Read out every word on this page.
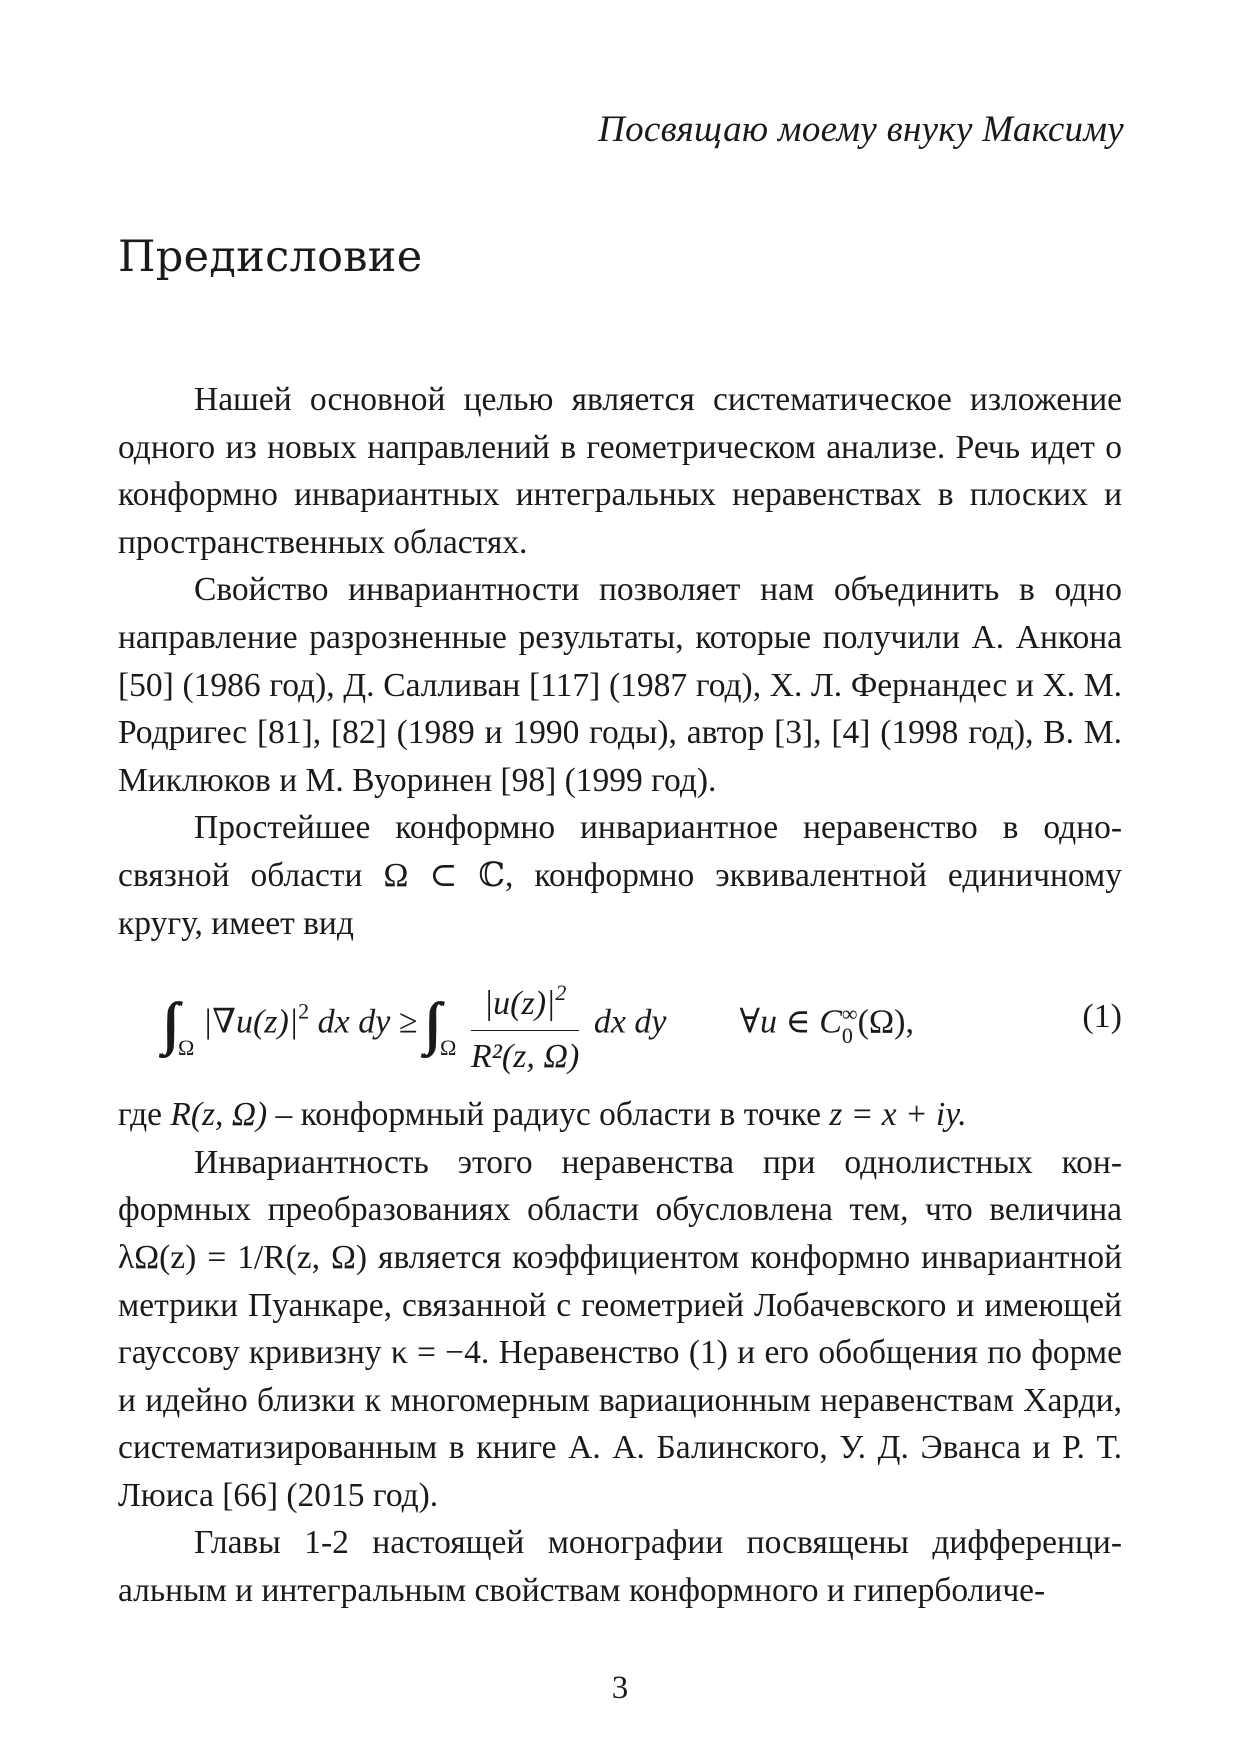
Посвящаю моему внуку Максиму
Предисловие

Нашей основной целью является систематическое изложение одного из новых направлений в геометрическом анализе. Речь идет о конформно инвариантных интегральных неравенствах в плоских и пространственных областях.

Свойство инвариантности позволяет нам объединить в одно направление разрозненные результаты, которые получили А. Анкона [50] (1986 год), Д. Салливан [117] (1987 год), Х. Л. Фернандес и Х. М. Родригес [81], [82] (1989 и 1990 годы), автор [3], [4] (1998 год), В. М. Миклюков и М. Вуоринен [98] (1999 год).

Простейшее конформно инвариантное неравенство в односвязной области Ω ⊂ ℂ, конформно эквивалентной единичному кругу, имеет вид

$_\Omega$ $|\nabla u(z)|^2$ dx dy ≥ $_\Omega \frac{|u(z)|^2}{\text{R²(z, Ω)}}$ dx dy ∀u ∈ C ∞
0 (Ω),	(1)

где R(z, Ω) – конформный радиус области в точке z = x + iy.

Инвариантность этого неравенства при однолистных конформных преобразованиях области обусловлена тем, что величина λΩ(z) = 1/R(z, Ω) является коэффициентом конформно инвариантной метрики Пуанкаре, связанной с геометрией Лобачевского и имеющей гауссову кривизну κ = −4. Неравенство (1) и его обобщения по форме и идейно близки к многомерным вариационным неравенствам Харди, систематизированным в книге А. А. Балинского, У. Д. Эванса и Р. Т. Люиса [66] (2015 год).

Главы 1-2 настоящей монографии посвящены дифференциальным и интегральным свойствам конформного и гиперболиче-

3
